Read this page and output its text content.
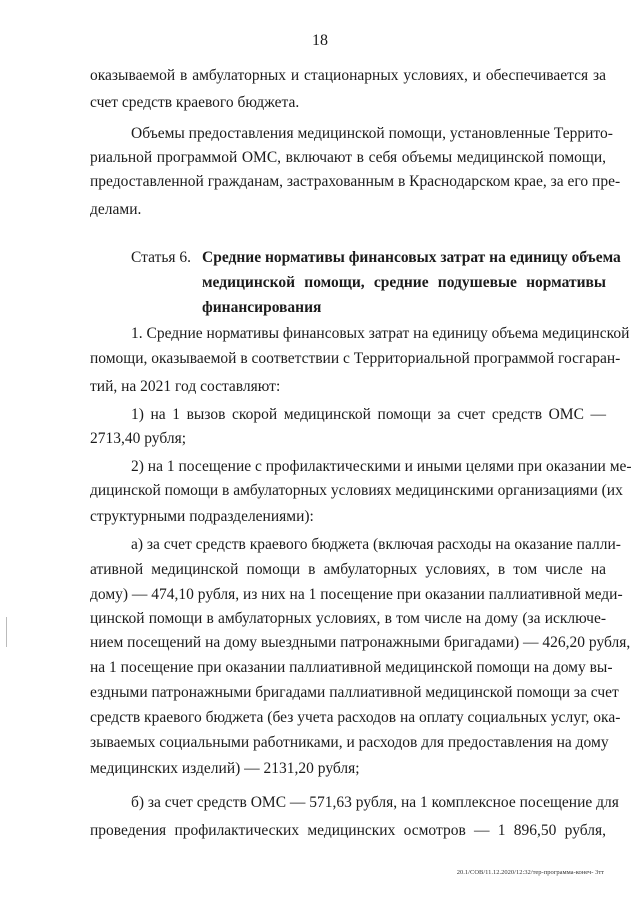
18
оказываемой в амбулаторных и стационарных условиях, и обеспечивается за
счет средств краевого бюджета.
Объемы предоставления медицинской помощи, установленные Террито-
риальной программой ОМС, включают в себя объемы медицинской помощи,
предоставленной гражданам, застрахованным в Краснодарском крае, за его пре-
делами.
Статья 6. Средние нормативы финансовых затрат на единицу объема
медицинской помощи, средние подушевые нормативы
финансирования
1. Средние нормативы финансовых затрат на единицу объема медицинской
помощи, оказываемой в соответствии с Территориальной программой госгаран-
тий, на 2021 год составляют:
1) на 1 вызов скорой медицинской помощи за счет средств ОМС —
2713,40 рубля;
2) на 1 посещение с профилактическими и иными целями при оказании ме-
дицинской помощи в амбулаторных условиях медицинскими организациями (их
структурными подразделениями):
а) за счет средств краевого бюджета (включая расходы на оказание палли-
ативной медицинской помощи в амбулаторных условиях, в том числе на
дому) — 474,10 рубля, из них на 1 посещение при оказании паллиативной меди-
цинской помощи в амбулаторных условиях, в том числе на дому (за исключе-
нием посещений на дому выездными патронажными бригадами) — 426,20 рубля,
на 1 посещение при оказании паллиативной медицинской помощи на дому вы-
ездными патронажными бригадами паллиативной медицинской помощи за счет
средств краевого бюджета (без учета расходов на оплату социальных услуг, ока-
зываемых социальными работниками, и расходов для предоставления на дому
медицинских изделий) — 2131,20 рубля;
б) за счет средств ОМС — 571,63 рубля, на 1 комплексное посещение для
проведения профилактических медицинских осмотров — 1 896,50 рубля,
20.1/СОВ/11.12.2020/12:32/тер-программа-конеч- 3тт
